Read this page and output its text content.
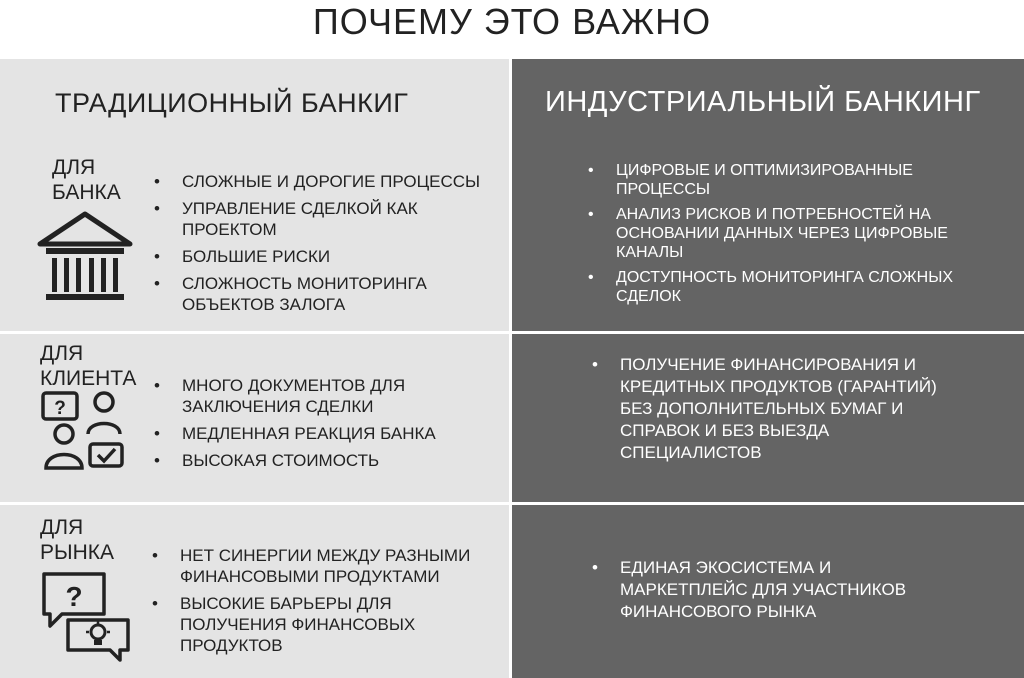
ПОЧЕМУ ЭТО ВАЖНО
ТРАДИЦИОННЫЙ БАНКИГ	ИНДУСТРИАЛЬНЫЙ БАНКИНГ
ДЛЯ
БАНКА
•	СЛОЖНЫЕ И ДОРОГИЕ ПРОЦЕССЫ
• УПРАВЛЕНИЕ СДЕЛКОЙ КАК ПРОЕКТОМ
• БОЛЬШИЕ РИСКИ
• СЛОЖНОСТЬ МОНИТОРИНГА ОБЪЕКТОВ ЗАЛОГА
• ЦИФРОВЫЕ И ОПТИМИЗИРОВАННЫЕ ПРОЦЕССЫ
• АНАЛИЗ РИСКОВ И ПОТРЕБНОСТЕЙ НА ОСНОВАНИИ ДАННЫХ ЧЕРЕЗ ЦИФРОВЫЕ КАНАЛЫ
• ДОСТУПНОСТЬ МОНИТОРИНГА СЛОЖНЫХ СДЕЛОК
ДЛЯ
КЛИЕНТА
?
• МНОГО ДОКУМЕНТОВ ДЛЯ ЗАКЛЮЧЕНИЯ СДЕЛКИ
• МЕДЛЕННАЯ РЕАКЦИЯ БАНКА
• ВЫСОКАЯ СТОИМОСТЬ
• ПОЛУЧЕНИЕ ФИНАНСИРОВАНИЯ И КРЕДИТНЫХ ПРОДУКТОВ (ГАРАНТИЙ) БЕЗ ДОПОЛНИТЕЛЬНЫХ БУМАГ И СПРАВОК И БЕЗ ВЫЕЗДА СПЕЦИАЛИСТОВ
ДЛЯ
РЫНКА
?
• НЕТ СИНЕРГИИ МЕЖДУ РАЗНЫМИ ФИНАНСОВЫМИ ПРОДУКТАМИ
• ВЫСОКИЕ БАРЬЕРЫ ДЛЯ ПОЛУЧЕНИЯ ФИНАНСОВЫХ ПРОДУКТОВ
• ЕДИНАЯ ЭКОСИСТЕМА И МАРКЕТПЛЕЙС ДЛЯ УЧАСТНИКОВ ФИНАНСОВОГО РЫНКА
